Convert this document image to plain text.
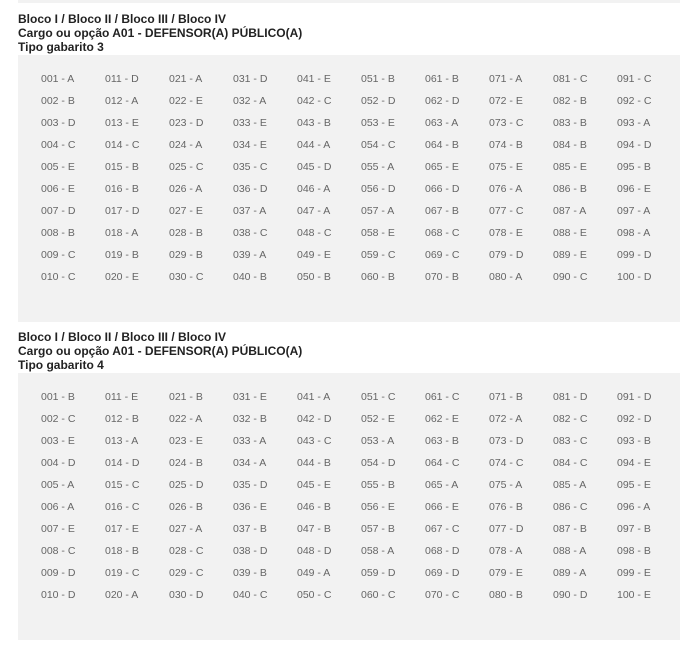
Bloco I / Bloco II / Bloco III / Bloco IV
Cargo ou opção A01 - DEFENSOR(A) PÚBLICO(A)
Tipo gabarito 3
001 - A
002 - B
003 - D
004 - C
005 - E
006 - E
007 - D
008 - B
009 - C
010 - C
011 - D
012 - A
013 - E
014 - C
015 - B
016 - B
017 - D
018 - A
019 - B
020 - E
021 - A
022 - E
023 - D
024 - A
025 - C
026 - A
027 - E
028 - B
029 - B
030 - C
031 - D
032 - A
033 - E
034 - E
035 - C
036 - D
037 - A
038 - C
039 - A
040 - B
041 - E
042 - C
043 - B
044 - A
045 - D
046 - A
047 - A
048 - C
049 - E
050 - B
051 - B
052 - D
053 - E
054 - C
055 - A
056 - D
057 - A
058 - E
059 - C
060 - B
061 - B
062 - D
063 - A
064 - B
065 - E
066 - D
067 - B
068 - C
069 - C
070 - B
071 - A
072 - E
073 - C
074 - B
075 - E
076 - A
077 - C
078 - E
079 - D
080 - A
081 - C
082 - B
083 - B
084 - B
085 - E
086 - B
087 - A
088 - E
089 - E
090 - C
091 - C
092 - C
093 - A
094 - D
095 - B
096 - E
097 - A
098 - A
099 - D
100 - D
Bloco I / Bloco II / Bloco III / Bloco IV
Cargo ou opção A01 - DEFENSOR(A) PÚBLICO(A)
Tipo gabarito 4
001 - B
002 - C
003 - E
004 - D
005 - A
006 - A
007 - E
008 - C
009 - D
010 - D
011 - E
012 - B
013 - A
014 - D
015 - C
016 - C
017 - E
018 - B
019 - C
020 - A
021 - B
022 - A
023 - E
024 - B
025 - D
026 - B
027 - A
028 - C
029 - C
030 - D
031 - E
032 - B
033 - A
034 - A
035 - D
036 - E
037 - B
038 - D
039 - B
040 - C
041 - A
042 - D
043 - C
044 - B
045 - E
046 - B
047 - B
048 - D
049 - A
050 - C
051 - C
052 - E
053 - A
054 - D
055 - B
056 - E
057 - B
058 - A
059 - D
060 - C
061 - C
062 - E
063 - B
064 - C
065 - A
066 - E
067 - C
068 - D
069 - D
070 - C
071 - B
072 - A
073 - D
074 - C
075 - A
076 - B
077 - D
078 - A
079 - E
080 - B
081 - D
082 - C
083 - C
084 - C
085 - A
086 - C
087 - B
088 - A
089 - A
090 - D
091 - D
092 - D
093 - B
094 - E
095 - E
096 - A
097 - B
098 - B
099 - E
100 - E
